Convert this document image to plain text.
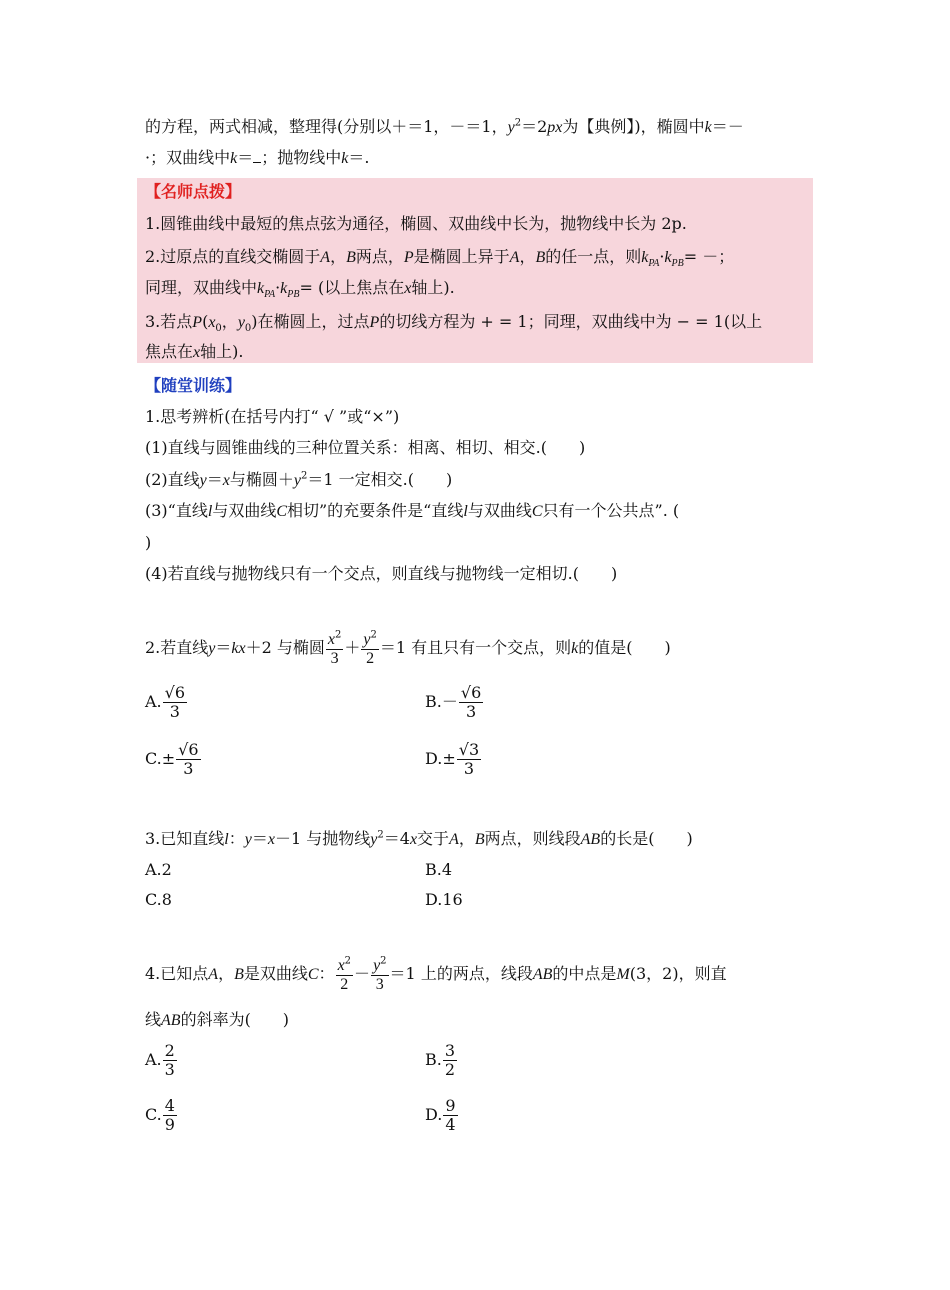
的方程，两式相减，整理得(分别以＋＝1，－＝1，$y^2=2px$为【典例】)，椭圆中k＝－
·；双曲线中k＝ ；抛物线中k＝.
【名师点拨】
1.圆锥曲线中最短的焦点弦为通径，椭圆、双曲线中长为，抛物线中长为 2p.
2.过原点的直线交椭圆于A，B两点，P是椭圆上异于A，B的任一点，则$k_{PA}\cdot k_{PB}=$ －；
同理，双曲线中$k_{PA}\cdot k_{PB}=$ (以上焦点在x轴上).
3.若点$P(x_0$，$y_0$)在椭圆上，过点P的切线方程为 + = 1；同理，双曲线中为 − = 1(以上
焦点在x轴上).
【随堂训练】
1.思考辨析(在括号内打“ √ ”或“×”)
(1)直线与圆锥曲线的三种位置关系：相离、相切、相交.(　　)
(2)直线y＝x与椭圆$+y^2=1$ 一定相交.(　　)
(3)“直线l与双曲线C相切”的充要条件是“直线l与双曲线C只有一个公共点”. (
)
(4)若直线与抛物线只有一个交点，则直线与抛物线一定相切.(　　)
2.若直线y＝kx＋2 与椭圆 $\frac{x^2}{3} + \frac{y^2}{2} =1$ 有且只有一个交点，则k的值是(　　)
A. $\frac{√6}{3}$	$B.- \frac{√6}{3}$
$C.\pm \frac{√6}{3}$	$D.\pm \frac{√3}{3}$
3.已知直线l：y＝x－1 与抛物线$y^2=4x$交于A，B两点，则线段AB的长是(　　)
A.2	B.4
C.8	D.16
4.已知点A，B是双曲线C： $\frac{x^2}{2} - \frac{y^2}{3} =1$ 上的两点，线段AB的中点是M(3，2)，则直
线AB的斜率为(　　)
A. $\frac{2}{3}$	B. $\frac{3}{2}$
C. $\frac{4}{9}$	D. $\frac{9}{4}$
